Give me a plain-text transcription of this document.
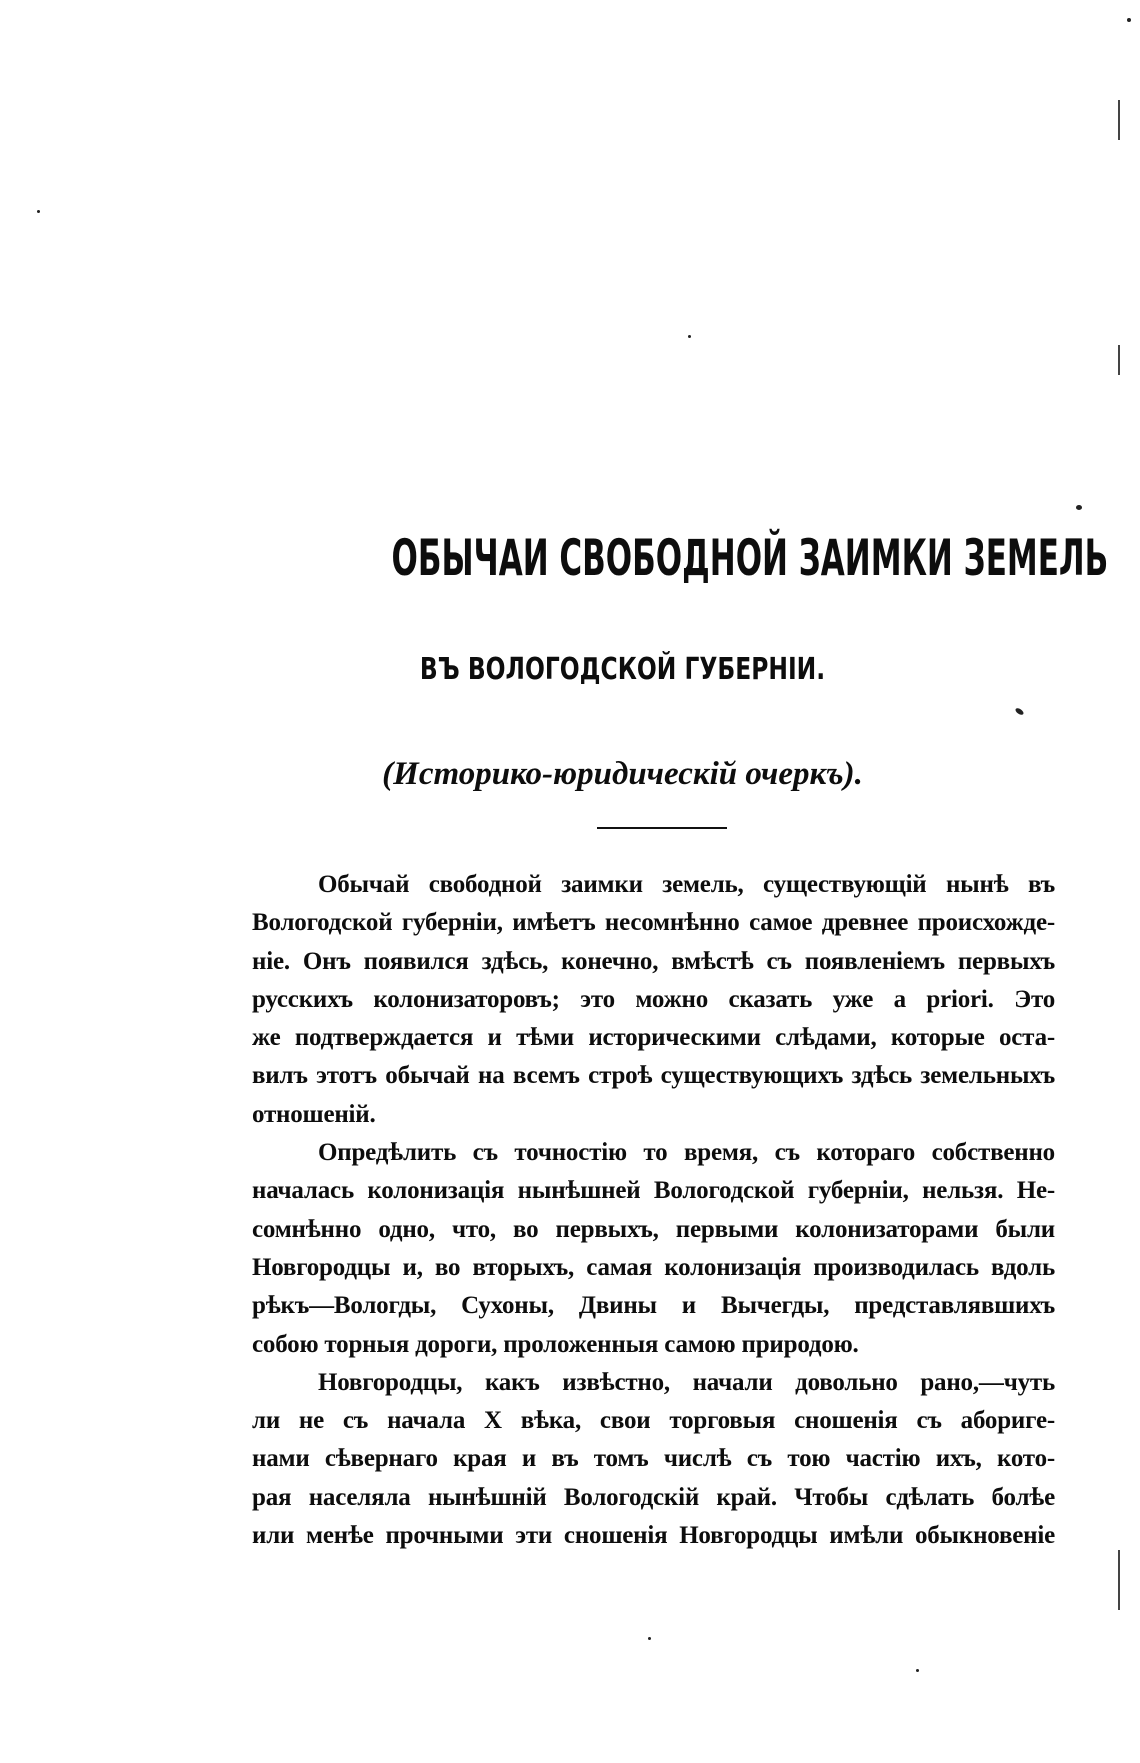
ОБЫЧАИ СВОБОДНОЙ ЗАИМКИ ЗЕМЕЛЬ
ВЪ ВОЛОГОДСКОЙ ГУБЕРНІИ.
(Историко-юридическій очеркъ).
Обычай свободной заимки земель, существующій нынѣ въ
Вологодской губерніи, имѣетъ несомнѣнно самое древнее происхожде-
ніе. Онъ появился здѣсь, конечно, вмѣстѣ съ появленіемъ первыхъ
русскихъ колонизаторовъ; это можно сказать уже a priori. Это
же подтверждается и тѣми историческими слѣдами, которые оста-
вилъ этотъ обычай на всемъ строѣ существующихъ здѣсь земельныхъ
отношеній.
Опредѣлить съ точностію то время, съ котораго собственно
началась колонизація нынѣшней Вологодской губерніи, нельзя. Не-
сомнѣнно одно, что, во первыхъ, первыми колонизаторами были
Новгородцы и, во вторыхъ, самая колонизація производилась вдоль
рѣкъ—Вологды, Сухоны, Двины и Вычегды, представлявшихъ
собою торныя дороги, проложенныя самою природою.
Новгородцы, какъ извѣстно, начали довольно рано,—чуть
ли не съ начала X вѣка, свои торговыя сношенія съ абориге-
нами сѣвернаго края и въ томъ числѣ съ тою частію ихъ, кото-
рая населяла нынѣшній Вологодскій край. Чтобы сдѣлать болѣе
или менѣе прочными эти сношенія Новгородцы имѣли обыкновеніе
